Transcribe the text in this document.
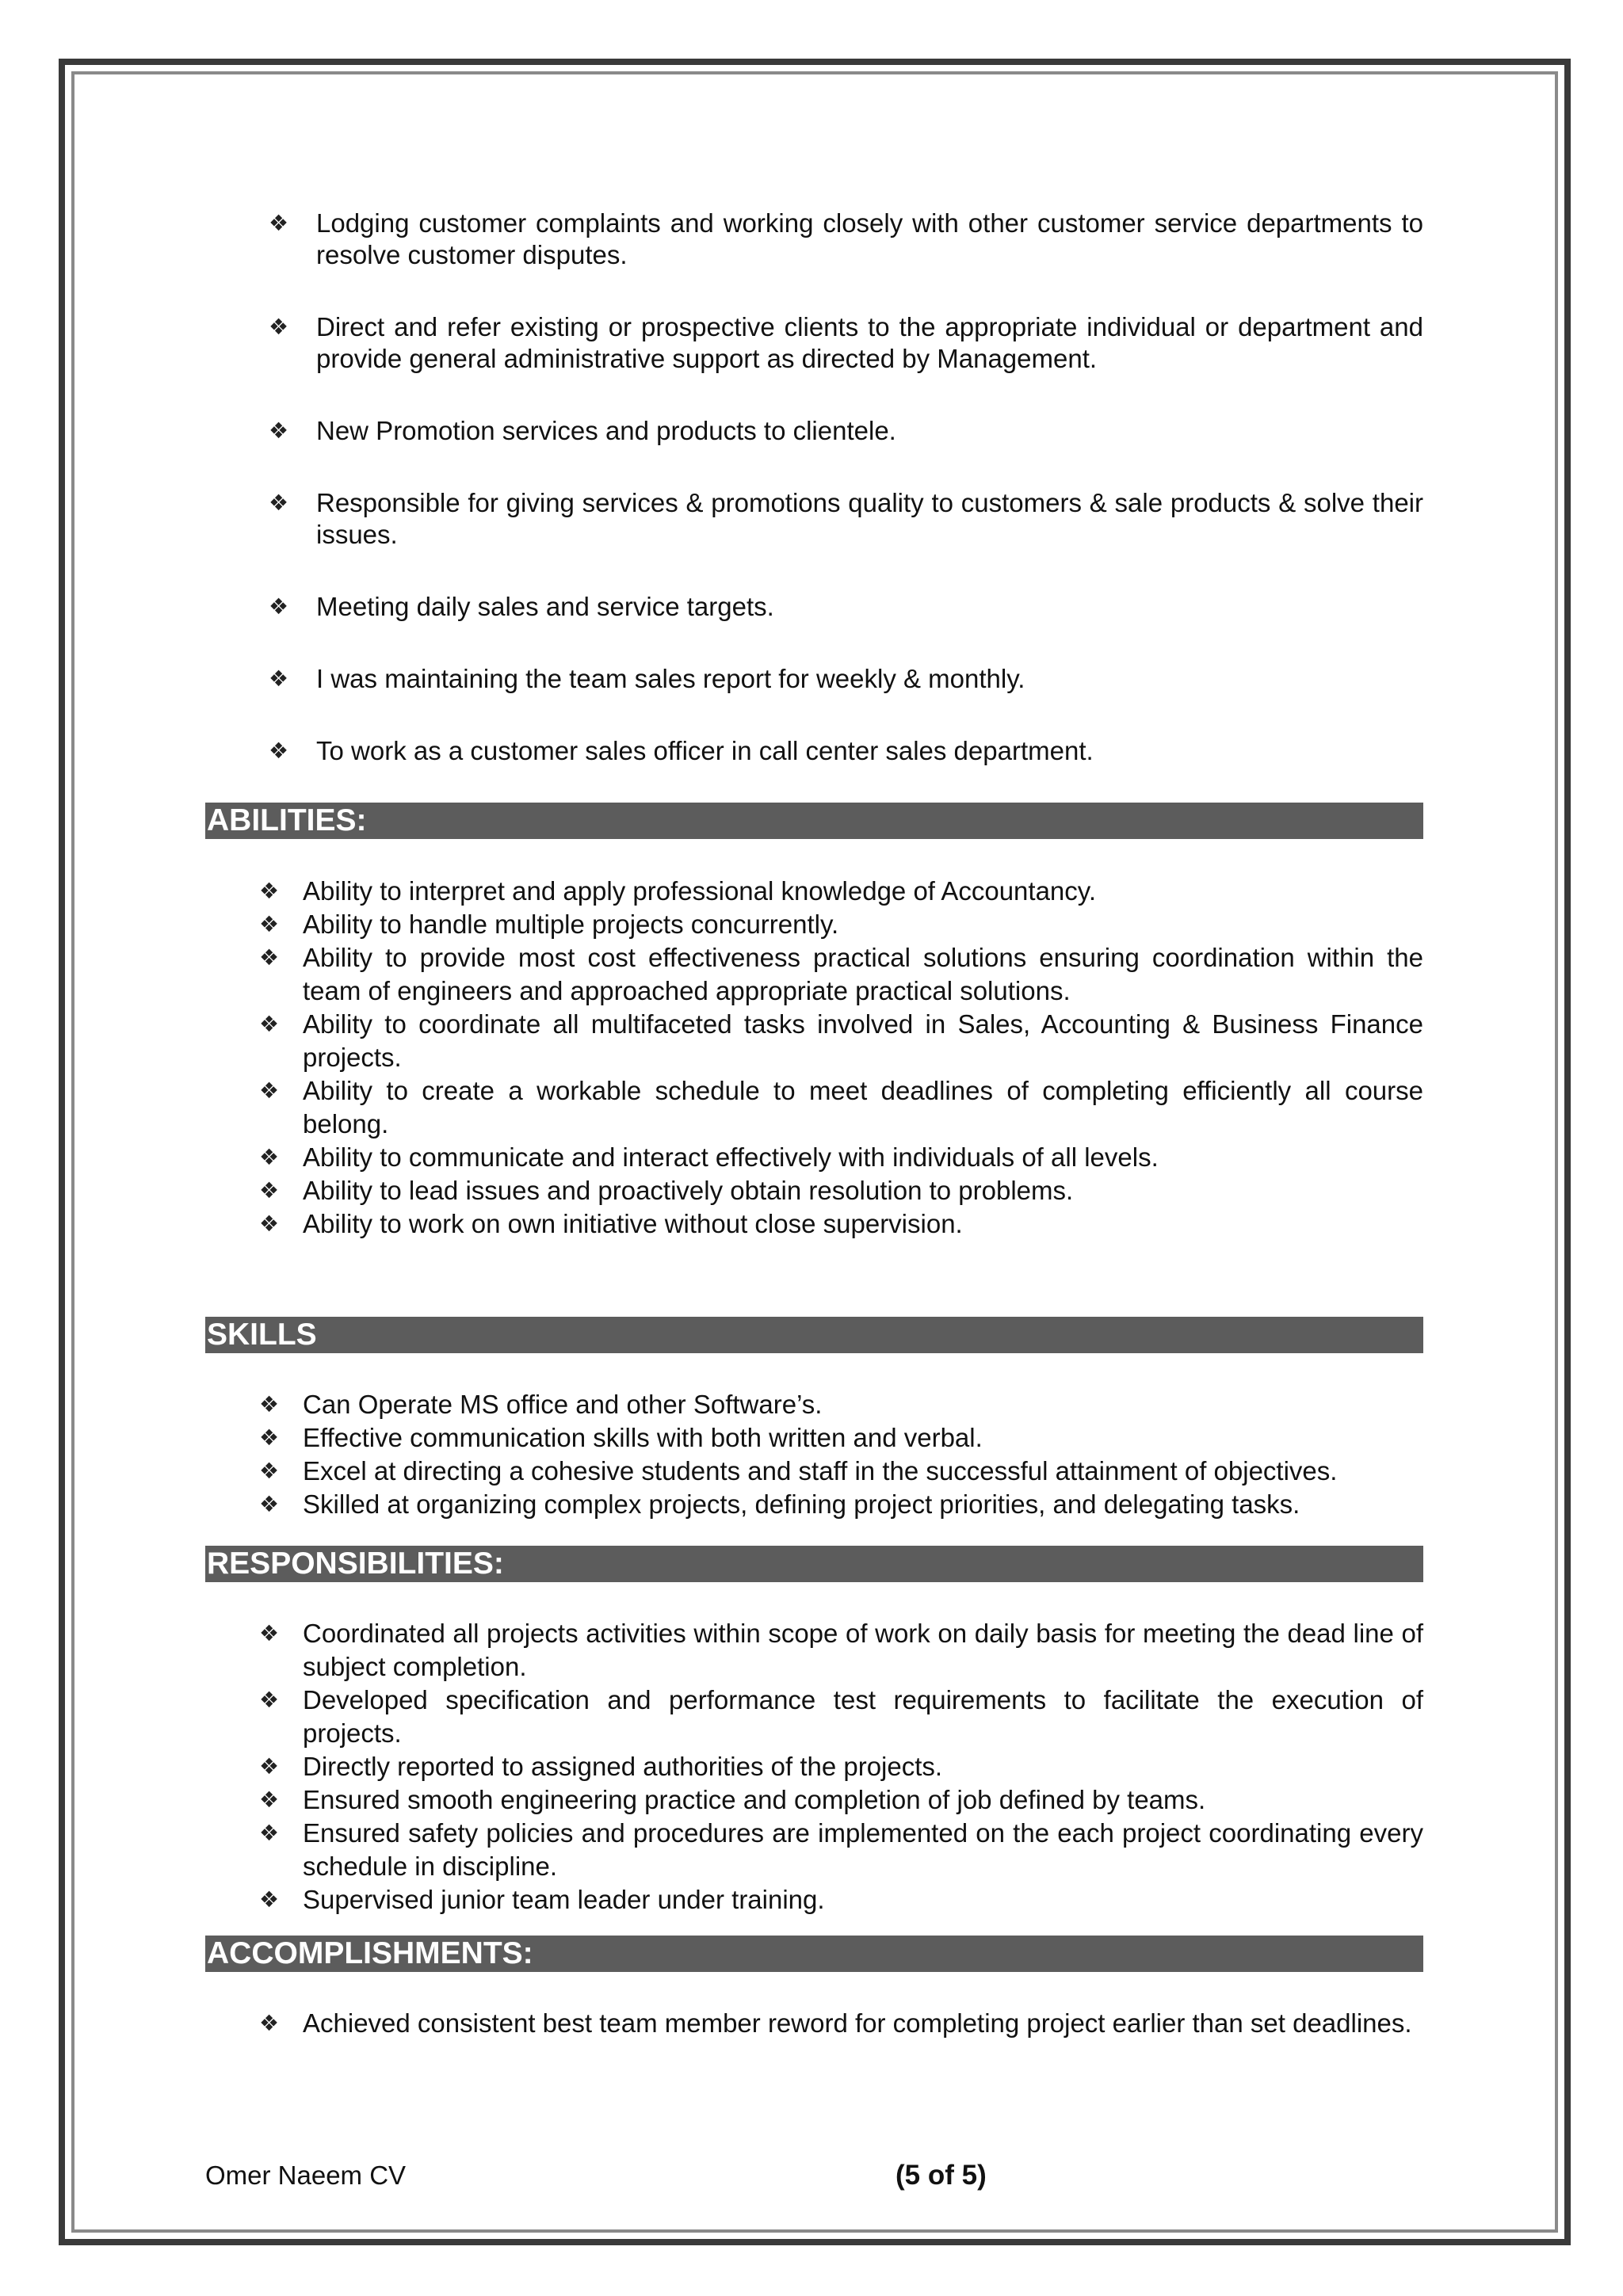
❖	Lodging customer complaints and working closely with other customer service departments to resolve customer disputes.
❖	Direct and refer existing or prospective clients to the appropriate individual or department and provide general administrative support as directed by Management.
❖	New Promotion services and products to clientele.
❖	Responsible for giving services & promotions quality to customers & sale products & solve their issues.
❖	Meeting daily sales and service targets.
❖	I was maintaining the team sales report for weekly & monthly.
❖	To work as a customer sales officer in call center sales department.
ABILITIES:
❖ Ability to interpret and apply professional knowledge of Accountancy.
❖ Ability to handle multiple projects concurrently.
❖ Ability to provide most cost effectiveness practical solutions ensuring coordination within the team of engineers and approached appropriate practical solutions.
❖ Ability to coordinate all multifaceted tasks involved in Sales, Accounting & Business Finance projects.
❖ Ability to create a workable schedule to meet deadlines of completing efficiently all course belong.
❖ Ability to communicate and interact effectively with individuals of all levels.
❖ Ability to lead issues and proactively obtain resolution to problems.
❖ Ability to work on own initiative without close supervision.
SKILLS
❖ Can Operate MS office and other Software’s.
❖ Effective communication skills with both written and verbal.
❖ Excel at directing a cohesive students and staff in the successful attainment of objectives.
❖ Skilled at organizing complex projects, defining project priorities, and delegating tasks.
RESPONSIBILITIES:
❖ Coordinated all projects activities within scope of work on daily basis for meeting the dead line of subject completion.
❖ Developed specification and performance test requirements to facilitate the execution of projects.
❖ Directly reported to assigned authorities of the projects.
❖ Ensured smooth engineering practice and completion of job defined by teams.
❖ Ensured safety policies and procedures are implemented on the each project coordinating every schedule in discipline.
❖ Supervised junior team leader under training.
ACCOMPLISHMENTS:
❖ Achieved consistent best team member reword for completing project earlier than set deadlines.
Omer Naeem CV	(5 of 5)
